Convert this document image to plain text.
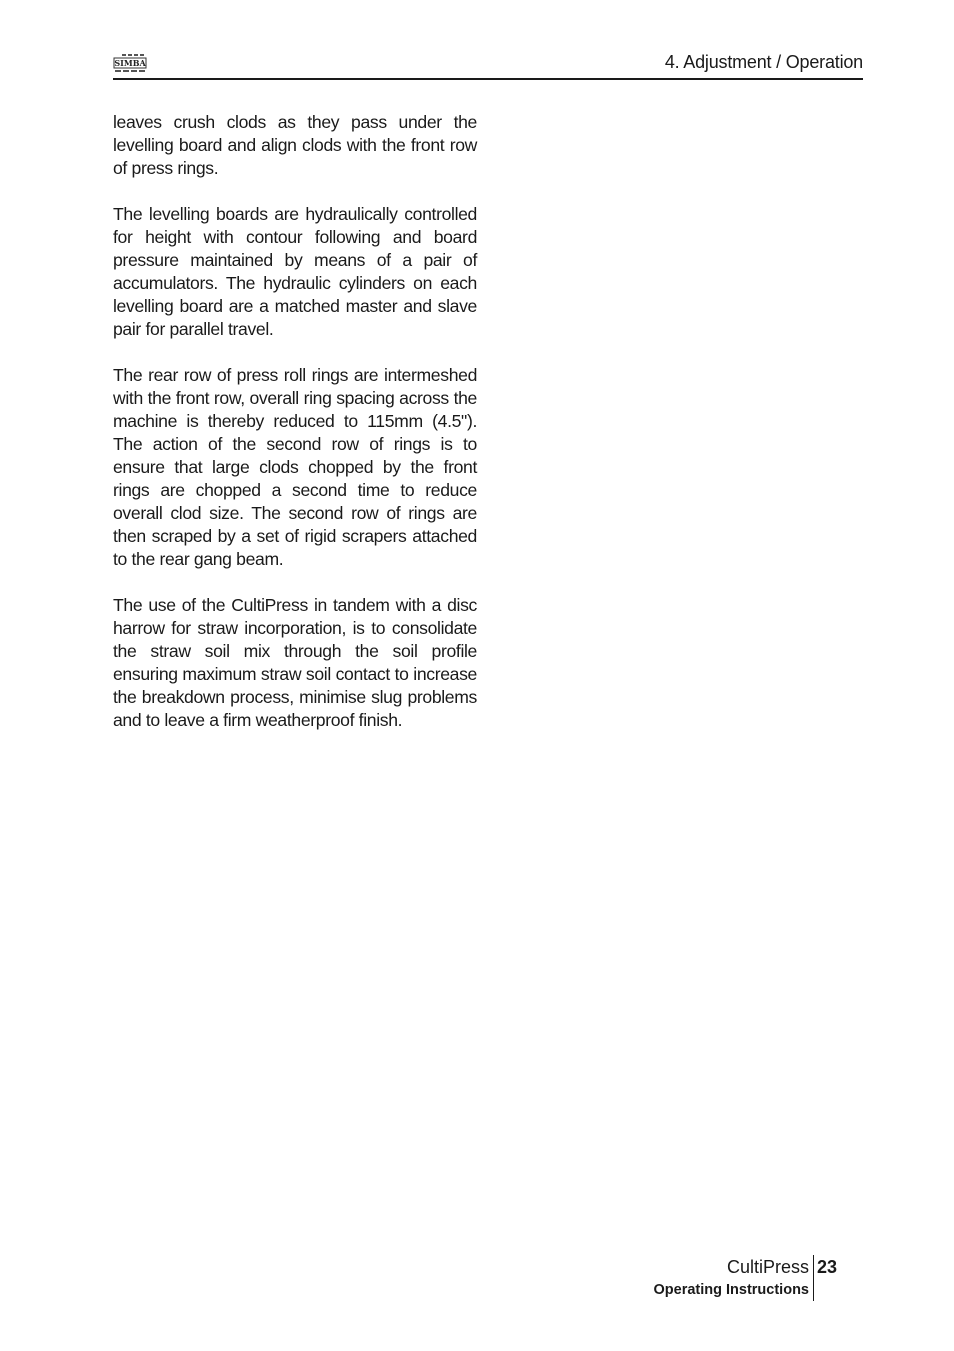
SIMBA	4. Adjustment / Operation

leaves crush clods as they pass under the levelling board and align clods with the front row of press rings.

The levelling boards are hydraulically controlled for height with contour following and board pressure maintained by means of a pair of accumulators. The hydraulic cylinders on each levelling board are a matched master and slave pair for parallel travel.

The rear row of press roll rings are intermeshed with the front row, overall ring spacing across the machine is thereby reduced to 115mm (4.5"). The action of the second row of rings is to ensure that large clods chopped by the front rings are chopped a second time to reduce overall clod size. The second row of rings are then scraped by a set of rigid scrapers attached to the rear gang beam.

The use of the CultiPress in tandem with a disc harrow for straw incorporation, is to consolidate the straw soil mix through the soil profile ensuring maximum straw soil contact to increase the breakdown process, minimise slug problems and to leave a firm weatherproof finish.

CultiPress
Operating Instructions
23
